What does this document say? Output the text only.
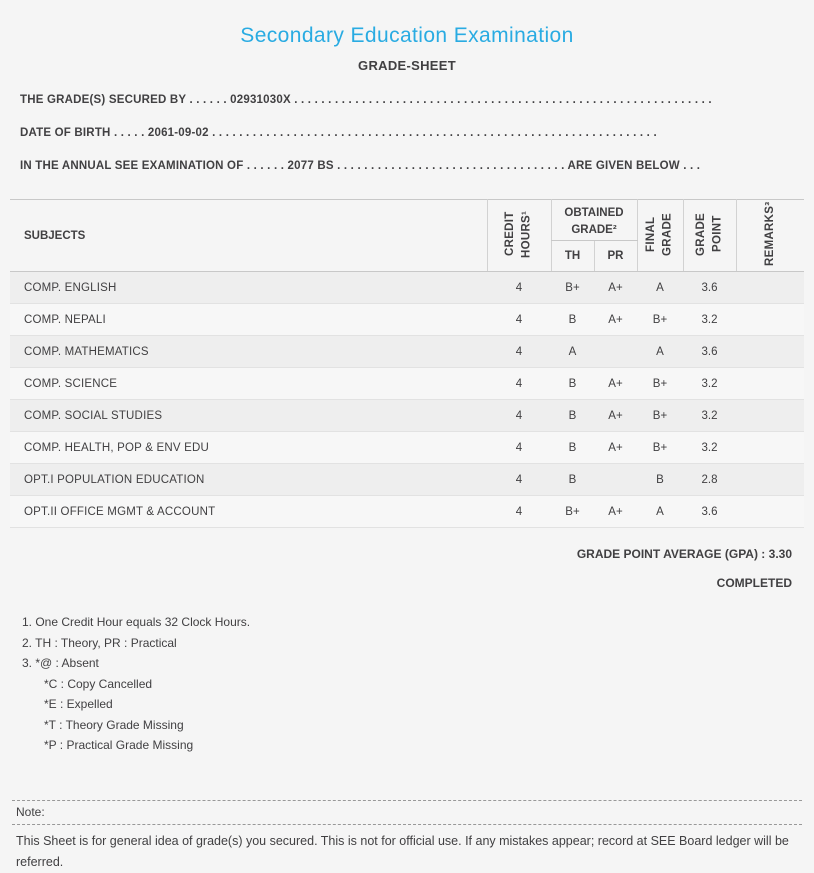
Secondary Education Examination
GRADE-SHEET
THE GRADE(S) SECURED BY . . . . . . 02931030X . . . . . . . . . . . . . . . . . . . . . . . . . . . . . . . . . . . . . . . . . . . . . . . . . . . . . . . . . . . . . .
DATE OF BIRTH . . . . . 2061-09-02 . . . . . . . . . . . . . . . . . . . . . . . . . . . . . . . . . . . . . . . . . . . . . . . . . . . . . . . . . . . . . . . . . .
IN THE ANNUAL SEE EXAMINATION OF . . . . . . 2077 BS . . . . . . . . . . . . . . . . . . . . . . . . . . . . . . . . . . ARE GIVEN BELOW . . .
SUBJECTS	CREDIT HOURS¹	OBTAINED GRADE²		FINAL GRADE	GRADE POINT	REMARKS³
		TH	PR			
COMP. ENGLISH	4	B+	A+	A	3.6	
COMP. NEPALI	4	B	A+	B+	3.2	
COMP. MATHEMATICS	4	A		A	3.6	
COMP. SCIENCE	4	B	A+	B+	3.2	
COMP. SOCIAL STUDIES	4	B	A+	B+	3.2	
COMP. HEALTH, POP & ENV EDU	4	B	A+	B+	3.2	
OPT.I POPULATION EDUCATION	4	B		B	2.8	
OPT.II OFFICE MGMT & ACCOUNT	4	B+	A+	A	3.6	
GRADE POINT AVERAGE (GPA) : 3.30
COMPLETED
1. One Credit Hour equals 32 Clock Hours.
2. TH : Theory, PR : Practical
3. *@ : Absent
*C : Copy Cancelled
*E : Expelled
*T : Theory Grade Missing
*P : Practical Grade Missing
Note:

This Sheet is for general idea of grade(s) you secured. This is not for official use. If any mistakes appear; record at SEE Board ledger will be referred.
